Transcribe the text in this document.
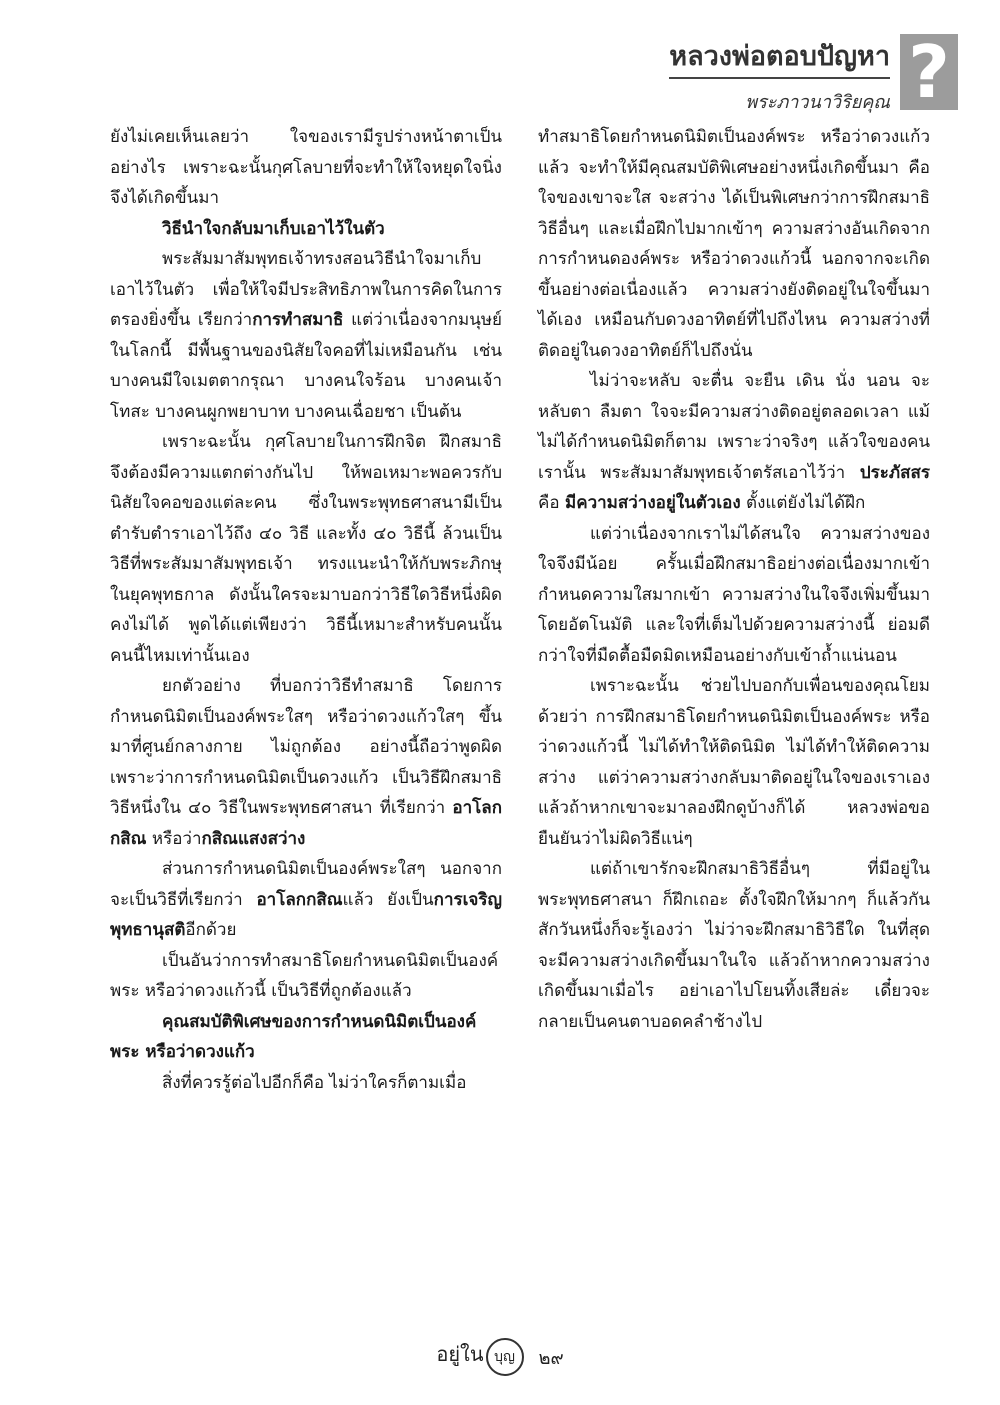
หลวงพ่อตอบปัญหา
พระภาวนาวิริยคุณ ?

ยังไม่เคยเห็นเลยว่า ใจของเรามีรูปร่างหน้าตาเป็นอย่างไร เพราะฉะนั้นกุศโลบายที่จะทำให้ใจหยุดใจนิ่ง จึงได้เกิดขึ้นมา

วิธีนำใจกลับมาเก็บเอาไว้ในตัว

พระสัมมาสัมพุทธเจ้าทรงสอนวิธีนำใจมาเก็บเอาไว้ในตัว เพื่อให้ใจมีประสิทธิภาพในการคิดในการตรองยิ่งขึ้น เรียกว่าการทำสมาธิ แต่ว่าเนื่องจากมนุษย์ในโลกนี้ มีพื้นฐานของนิสัยใจคอที่ไม่เหมือนกัน เช่น บางคนมีใจเมตตากรุณา บางคนใจร้อน บางคนเจ้าโทสะ บางคนผูกพยาบาท บางคนเฉื่อยชา เป็นต้น

เพราะฉะนั้น กุศโลบายในการฝึกจิต ฝึกสมาธิ จึงต้องมีความแตกต่างกันไป ให้พอเหมาะพอควรกับนิสัยใจคอของแต่ละคน ซึ่งในพระพุทธศาสนามีเป็นตำรับตำราเอาไว้ถึง ๔๐ วิธี และทั้ง ๔๐ วิธีนี้ ล้วนเป็นวิธีที่พระสัมมาสัมพุทธเจ้า ทรงแนะนำให้กับพระภิกษุในยุคพุทธกาล ดังนั้นใครจะมาบอกว่าวิธีใดวิธีหนึ่งผิด คงไม่ได้ พูดได้แต่เพียงว่า วิธีนี้เหมาะสำหรับคนนั้น คนนี้ไหมเท่านั้นเอง

ยกตัวอย่าง ที่บอกว่าวิธีทำสมาธิ โดยการกำหนดนิมิตเป็นองค์พระใสๆ หรือว่าดวงแก้วใสๆ ขึ้นมาที่ศูนย์กลางกาย ไม่ถูกต้อง อย่างนี้ถือว่าพูดผิด เพราะว่าการกำหนดนิมิตเป็นดวงแก้ว เป็นวิธีฝึกสมาธิวิธีหนึ่งใน ๔๐ วิธีในพระพุทธศาสนา ที่เรียกว่า อาโลกกสิณ หรือว่ากสิณแสงสว่าง

ส่วนการกำหนดนิมิตเป็นองค์พระใสๆ นอกจากจะเป็นวิธีที่เรียกว่า อาโลกกสิณแล้ว ยังเป็นการเจริญพุทธานุสติอีกด้วย

เป็นอันว่าการทำสมาธิโดยกำหนดนิมิตเป็นองค์พระ หรือว่าดวงแก้วนี้ เป็นวิธีที่ถูกต้องแล้ว

คุณสมบัติพิเศษของการกำหนดนิมิตเป็นองค์พระ หรือว่าดวงแก้ว

สิ่งที่ควรรู้ต่อไปอีกก็คือ ไม่ว่าใครก็ตามเมื่อ

ทำสมาธิโดยกำหนดนิมิตเป็นองค์พระ หรือว่าดวงแก้วแล้ว จะทำให้มีคุณสมบัติพิเศษอย่างหนึ่งเกิดขึ้นมา คือใจของเขาจะใส จะสว่าง ได้เป็นพิเศษกว่าการฝึกสมาธิวิธีอื่นๆ และเมื่อฝึกไปมากเข้าๆ ความสว่างอันเกิดจากการกำหนดองค์พระ หรือว่าดวงแก้วนี้ นอกจากจะเกิดขึ้นอย่างต่อเนื่องแล้ว ความสว่างยังติดอยู่ในใจขึ้นมาได้เอง เหมือนกับดวงอาทิตย์ที่ไปถึงไหน ความสว่างที่ติดอยู่ในดวงอาทิตย์ก็ไปถึงนั่น

ไม่ว่าจะหลับ จะตื่น จะยืน เดิน นั่ง นอน จะหลับตา ลืมตา ใจจะมีความสว่างติดอยู่ตลอดเวลา แม้ไม่ได้กำหนดนิมิตก็ตาม เพราะว่าจริงๆ แล้วใจของคนเรานั้น พระสัมมาสัมพุทธเจ้าตรัสเอาไว้ว่า ประภัสสร คือ มีความสว่างอยู่ในตัวเอง ตั้งแต่ยังไม่ได้ฝึก

แต่ว่าเนื่องจากเราไม่ได้สนใจ ความสว่างของใจจึงมีน้อย ครั้นเมื่อฝึกสมาธิอย่างต่อเนื่องมากเข้า กำหนดความใสมากเข้า ความสว่างในใจจึงเพิ่มขึ้นมาโดยอัตโนมัติ และใจที่เต็มไปด้วยความสว่างนี้ ย่อมดีกว่าใจที่มืดตื้อมืดมิดเหมือนอย่างกับเข้าถ้ำแน่นอน

เพราะฉะนั้น ช่วยไปบอกกับเพื่อนของคุณโยมด้วยว่า การฝึกสมาธิโดยกำหนดนิมิตเป็นองค์พระ หรือว่าดวงแก้วนี้ ไม่ได้ทำให้ติดนิมิต ไม่ได้ทำให้ติดความสว่าง แต่ว่าความสว่างกลับมาติดอยู่ในใจของเราเอง แล้วถ้าหากเขาจะมาลองฝึกดูบ้างก็ได้ หลวงพ่อขอยืนยันว่าไม่ผิดวิธีแน่ๆ

แต่ถ้าเขารักจะฝึกสมาธิวิธีอื่นๆ ที่มีอยู่ในพระพุทธศาสนา ก็ฝึกเถอะ ตั้งใจฝึกให้มากๆ ก็แล้วกัน สักวันหนึ่งก็จะรู้เองว่า ไม่ว่าจะฝึกสมาธิวิธีใด ในที่สุดจะมีความสว่างเกิดขึ้นมาในใจ แล้วถ้าหากความสว่างเกิดขึ้นมาเมื่อไร อย่าเอาไปโยนทิ้งเสียล่ะ เดี๋ยวจะกลายเป็นคนตาบอดคลำช้างไป

อยู่ใน บุญ ๒๙
